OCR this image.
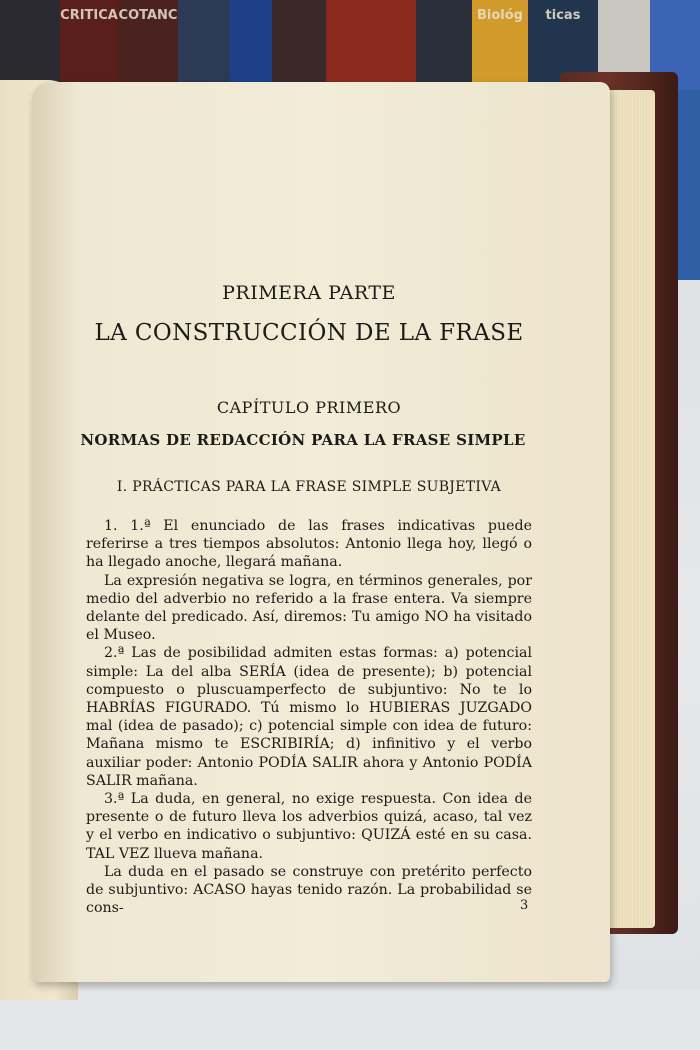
CRITICA COTANC	Biológ ticas

PRIMERA PARTE

LA CONSTRUCCIÓN DE LA FRASE

CAPÍTULO PRIMERO

NORMAS DE REDACCIÓN PARA LA FRASE SIMPLE

I. PRÁCTICAS PARA LA FRASE SIMPLE SUBJETIVA

1. 1.ª El enunciado de las frases indicativas puede referirse a tres tiempos absolutos: Antonio llega hoy, llegó o ha llegado anoche, llegará mañana.

La expresión negativa se logra, en términos generales, por medio del adverbio no referido a la frase entera. Va siempre delante del predicado. Así, diremos: Tu amigo NO ha visitado el Museo.

2.ª Las de posibilidad admiten estas formas: a) potencial simple: La del alba SERÍA (idea de presente); b) potencial compuesto o pluscuamperfecto de subjuntivo: No te lo HABRÍAS FIGURADO. Tú mismo lo HUBIERAS JUZGADO mal (idea de pasado); c) potencial simple con idea de futuro: Mañana mismo te ESCRIBIRÍA; d) infinitivo y el verbo auxiliar poder: Antonio PODÍA SALIR ahora y Antonio PODÍA SALIR mañana.

3.ª La duda, en general, no exige respuesta. Con idea de presente o de futuro lleva los adverbios quizá, acaso, tal vez y el verbo en indicativo o subjuntivo: QUIZÁ esté en su casa. TAL VEZ llueva mañana.

La duda en el pasado se construye con pretérito perfecto de subjuntivo: ACASO hayas tenido razón. La probabilidad se cons-	3
